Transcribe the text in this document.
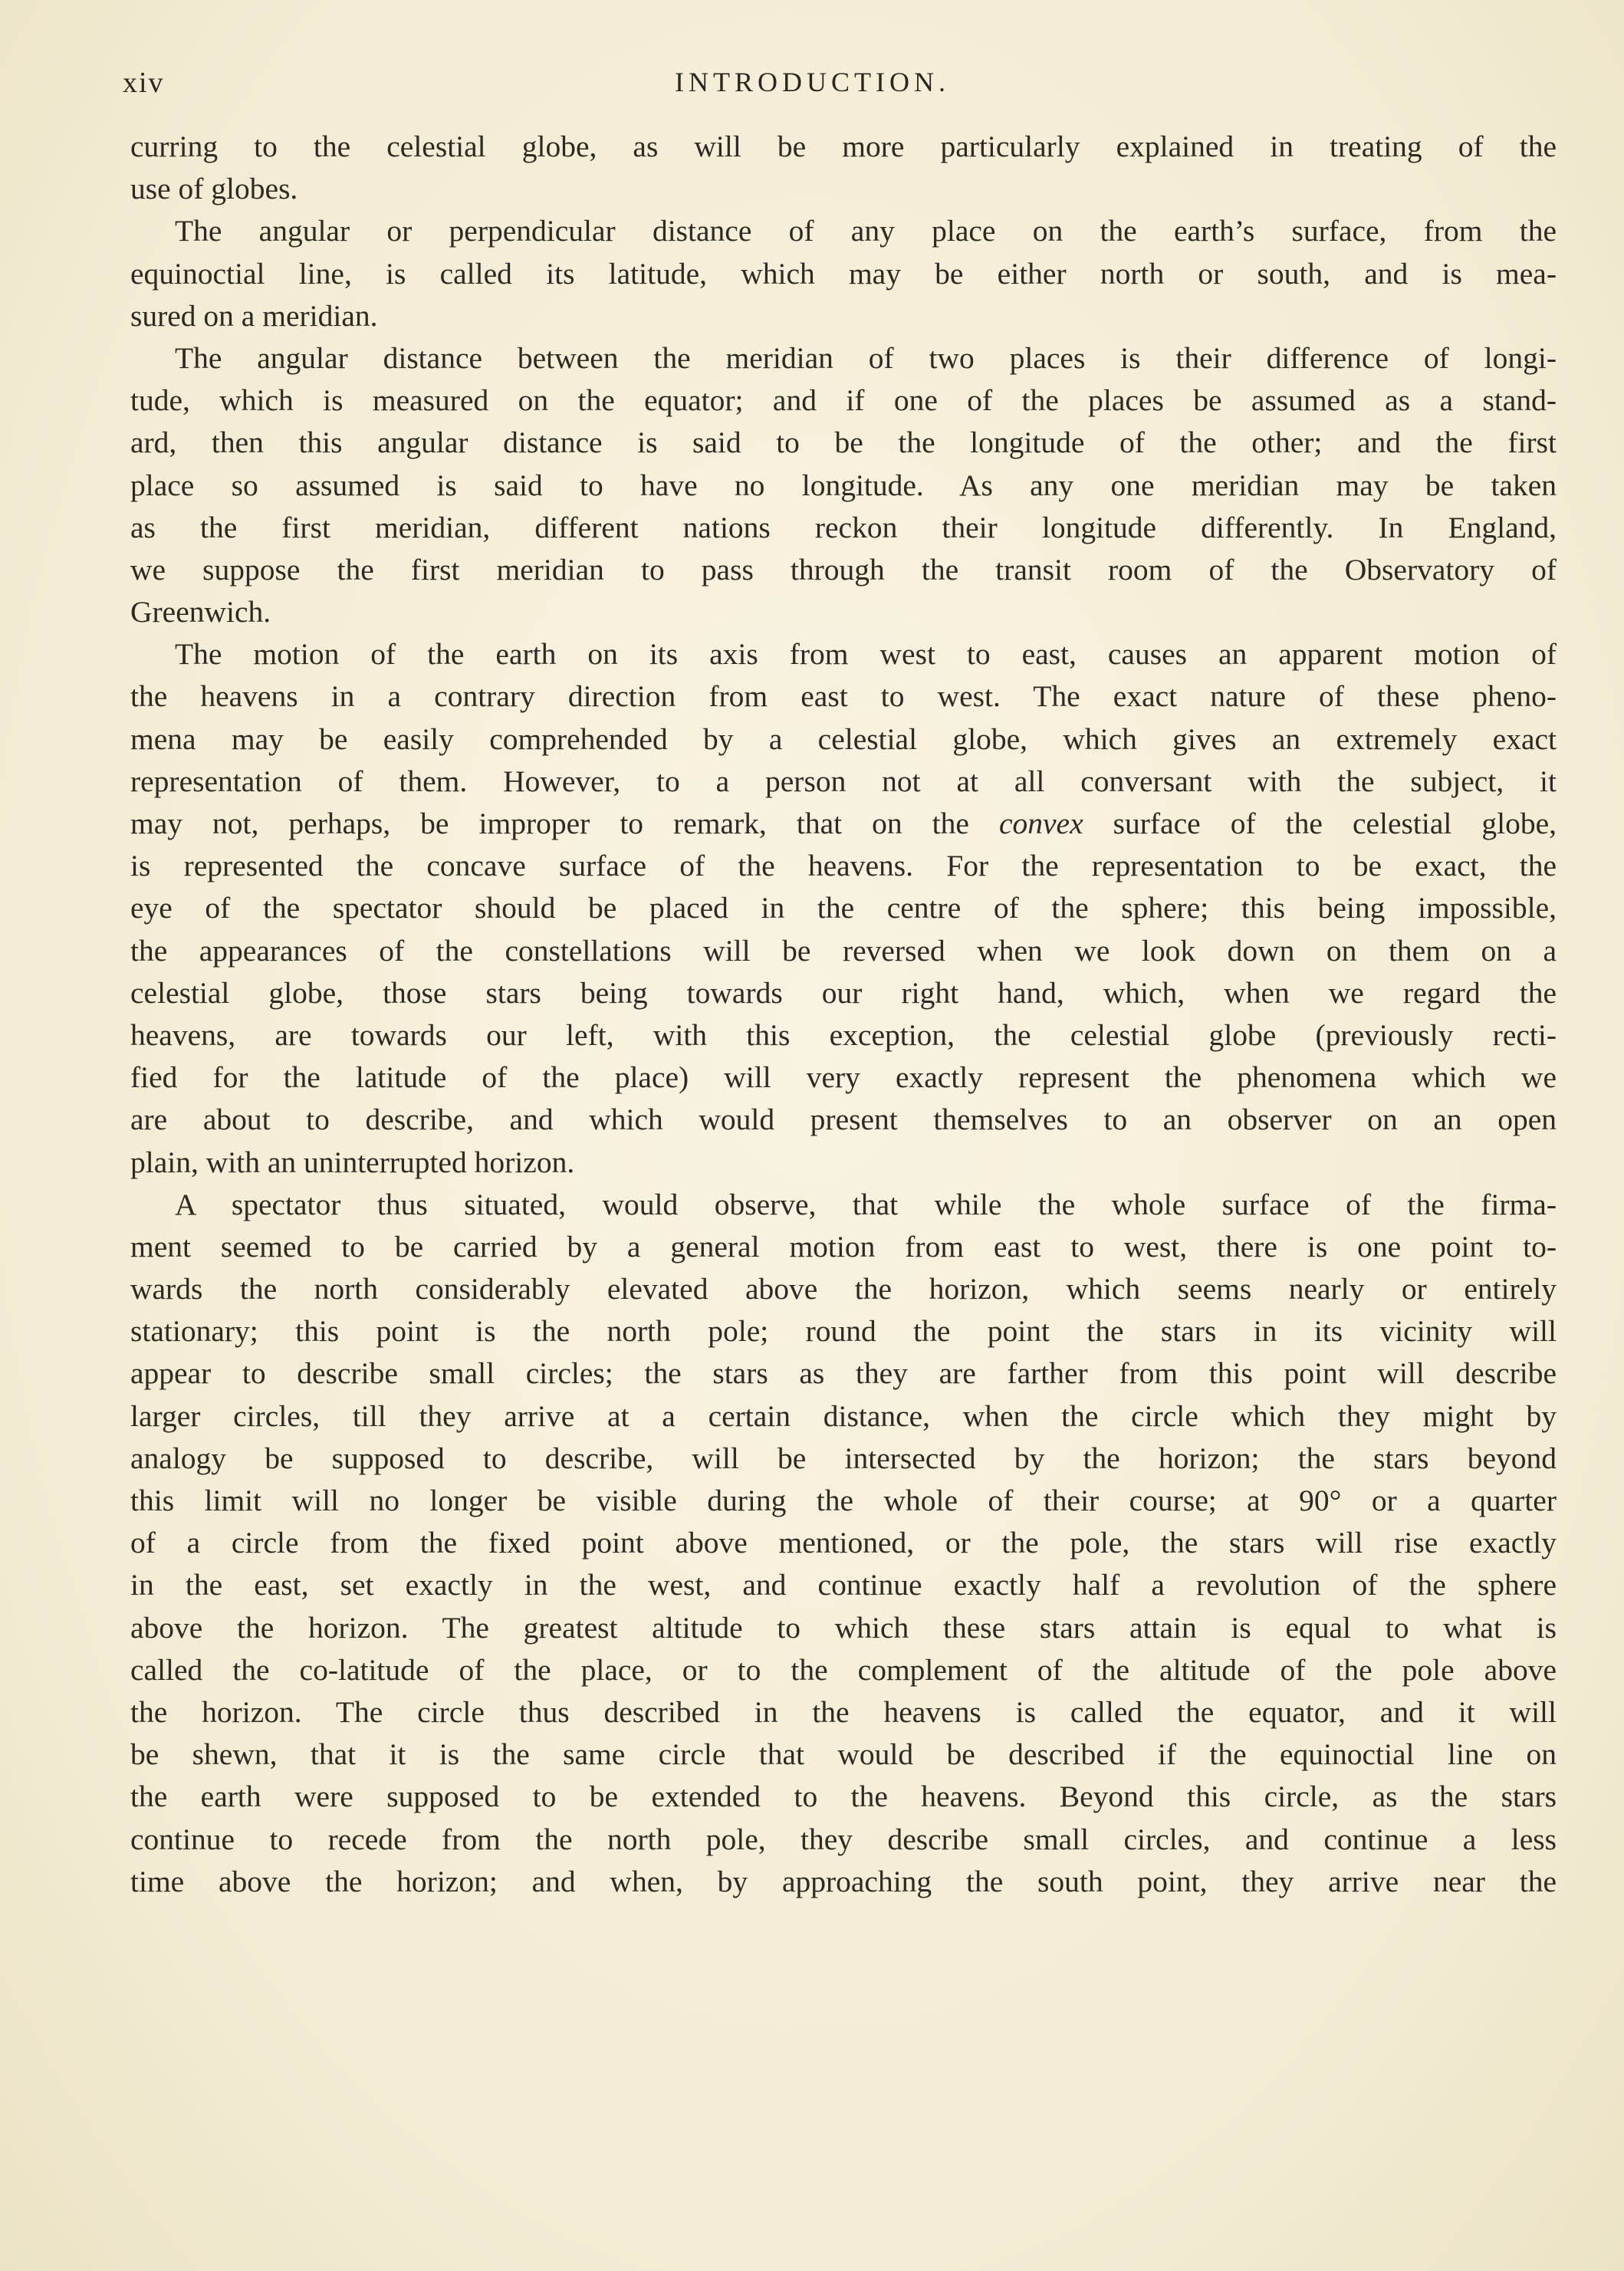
xiv	INTRODUCTION.
curring to the celestial globe, as will be more particularly explained in treating of the
use of globes.
The angular or perpendicular distance of any place on the earth’s surface, from the
equinoctial line, is called its latitude, which may be either north or south, and is mea-
sured on a meridian.
The angular distance between the meridian of two places is their difference of longi-
tude, which is measured on the equator; and if one of the places be assumed as a stand-
ard, then this angular distance is said to be the longitude of the other; and the first
place so assumed is said to have no longitude. As any one meridian may be taken
as the first meridian, different nations reckon their longitude differently. In England,
we suppose the first meridian to pass through the transit room of the Observatory of
Greenwich.
The motion of the earth on its axis from west to east, causes an apparent motion of
the heavens in a contrary direction from east to west. The exact nature of these pheno-
mena may be easily comprehended by a celestial globe, which gives an extremely exact
representation of them. However, to a person not at all conversant with the subject, it
may not, perhaps, be improper to remark, that on the convex surface of the celestial globe,
is represented the concave surface of the heavens. For the representation to be exact, the
eye of the spectator should be placed in the centre of the sphere; this being impossible,
the appearances of the constellations will be reversed when we look down on them on a
celestial globe, those stars being towards our right hand, which, when we regard the
heavens, are towards our left, with this exception, the celestial globe (previously recti-
fied for the latitude of the place) will very exactly represent the phenomena which we
are about to describe, and which would present themselves to an observer on an open
plain, with an uninterrupted horizon.
A spectator thus situated, would observe, that while the whole surface of the firma-
ment seemed to be carried by a general motion from east to west, there is one point to-
wards the north considerably elevated above the horizon, which seems nearly or entirely
stationary; this point is the north pole; round the point the stars in its vicinity will
appear to describe small circles; the stars as they are farther from this point will describe
larger circles, till they arrive at a certain distance, when the circle which they might by
analogy be supposed to describe, will be intersected by the horizon; the stars beyond
this limit will no longer be visible during the whole of their course; at 90° or a quarter
of a circle from the fixed point above mentioned, or the pole, the stars will rise exactly
in the east, set exactly in the west, and continue exactly half a revolution of the sphere
above the horizon. The greatest altitude to which these stars attain is equal to what is
called the co-latitude of the place, or to the complement of the altitude of the pole above
the horizon. The circle thus described in the heavens is called the equator, and it will
be shewn, that it is the same circle that would be described if the equinoctial line on
the earth were supposed to be extended to the heavens. Beyond this circle, as the stars
continue to recede from the north pole, they describe small circles, and continue a less
time above the horizon; and when, by approaching the south point, they arrive near the
